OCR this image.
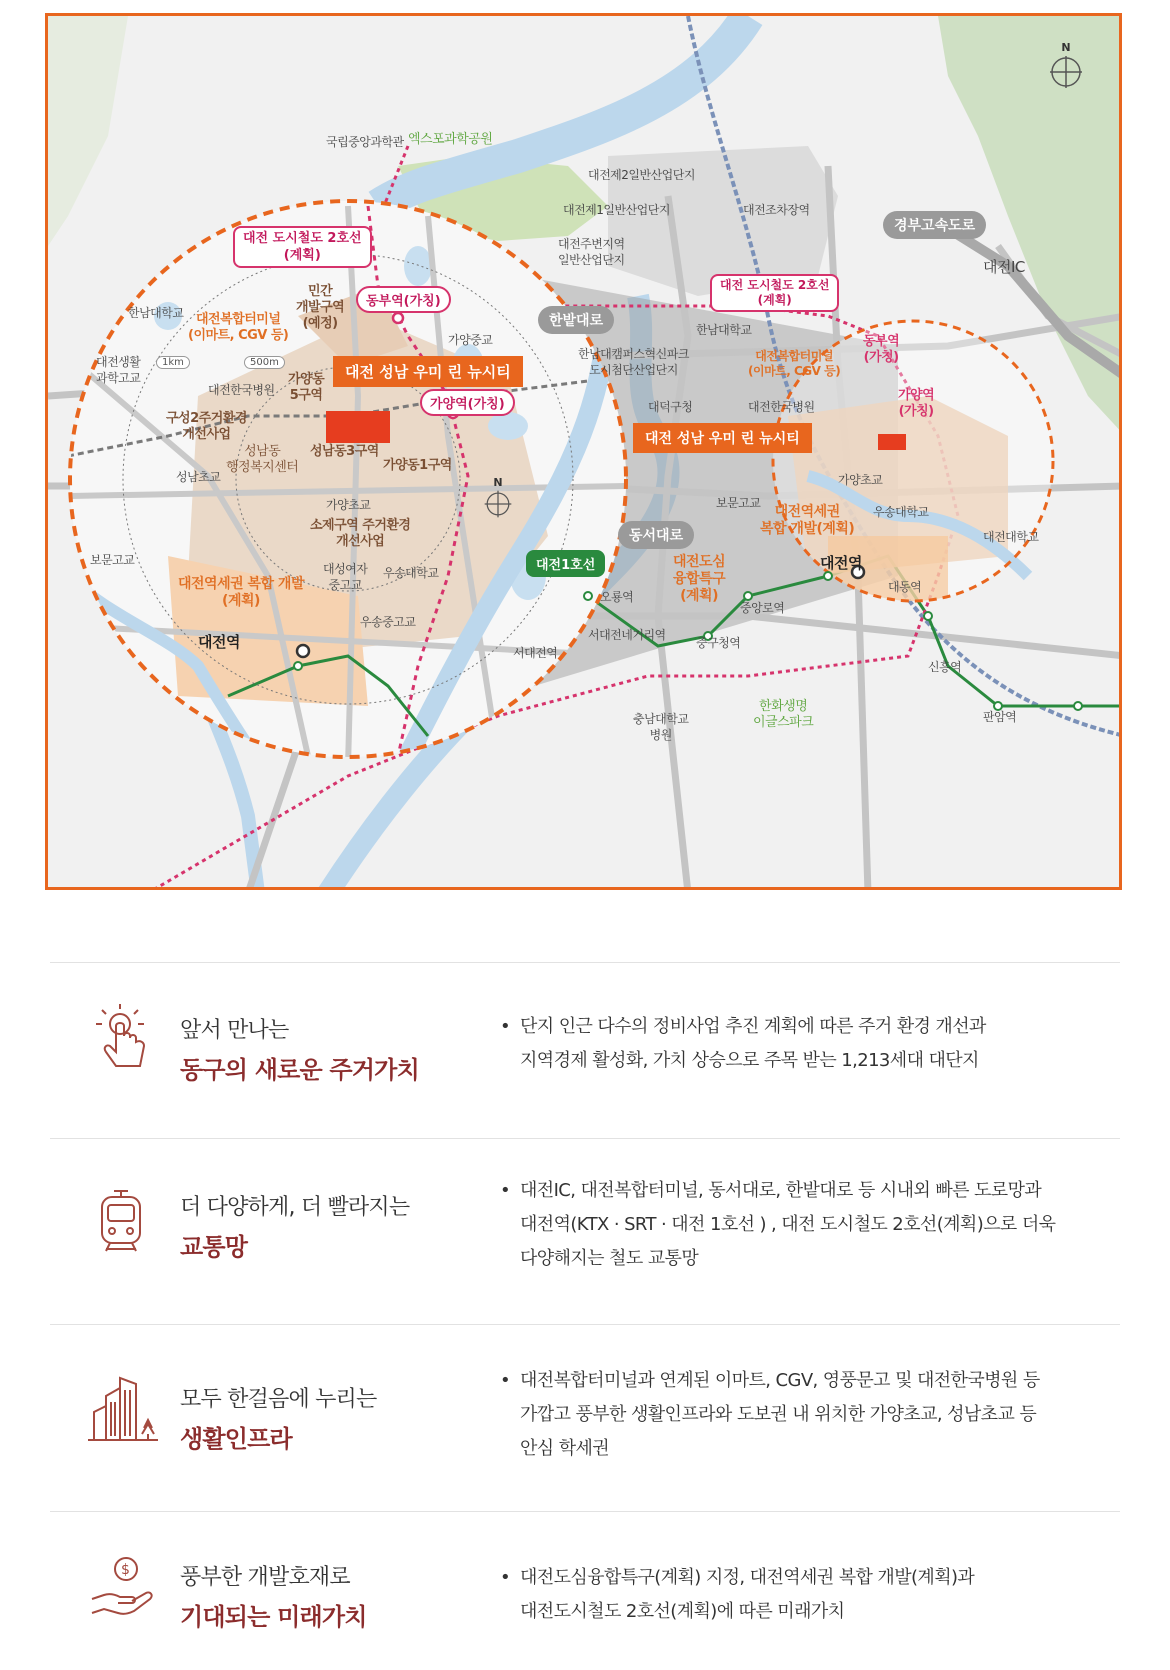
국립중앙과학관 엑스포과학공원
대전제2일반산업단지
대전제1일반산업단지
대전주변지역
일반산업단지
대전조차장역
경부고속도로
대전IC
한밭대로
한남대학교
한남대캠퍼스혁신파크
도시첨단산업단지
대덕구청	대전한국병원
동서대로
대전1호선
오룡역
대전도심
융합특구
(계획)
중앙로역
중구청역
서대전역
서대전네거리역
충남대학교
병원
한화생명
이글스파크
대동역
신흥역
판암역
대전대학교
보문고교
우송대학교
가양초교
대전역
대전역세권
복합 개발(계획)
대전복합터미널
(이마트, CGV 등)
동부역
(가칭)
가양역
(가칭)
대전 도시철도 2호선
(계획)
대전 성남 우미 린 뉴시티
한남대학교 대전복합터미널
(이마트, CGV 등)
민간
개발구역
(예정)
동부역(가칭)
가양중교
대전생활
과학고교
1km	500m
대전한국병원
가양동
5구역
대전 성남 우미 린 뉴시티
가양역(가칭)
구성2주거환경
개선사업
성남동
행정복지센터
성남동3구역
가양동1구역
성남초교
가양초교
소제구역 주거환경
개선사업
보문고교
대성여자
중고교
우송대학교
대전역세권 복합 개발
(계획)
우송중고교
대전역
대전 도시철도 2호선
(계획)
N
N
앞서 만나는
동구의 새로운 주거가치
• 단지 인근 다수의 정비사업 추진 계획에 따른 주거 환경 개선과
지역경제 활성화, 가치 상승으로 주목 받는 1,213세대 대단지
더 다양하게, 더 빨라지는
교통망
• 대전IC, 대전복합터미널, 동서대로, 한밭대로 등 시내외 빠른 도로망과
대전역(KTX · SRT · 대전 1호선 ) , 대전 도시철도 2호선(계획)으로 더욱
다양해지는 철도 교통망
모두 한걸음에 누리는
생활인프라
• 대전복합터미널과 연계된 이마트, CGV, 영풍문고 및 대전한국병원 등
가깝고 풍부한 생활인프라와 도보권 내 위치한 가양초교, 성남초교 등
안심 학세권
$ 풍부한 개발호재로
기대되는 미래가치
• 대전도심융합특구(계획) 지정, 대전역세권 복합 개발(계획)과
대전도시철도 2호선(계획)에 따른 미래가치
